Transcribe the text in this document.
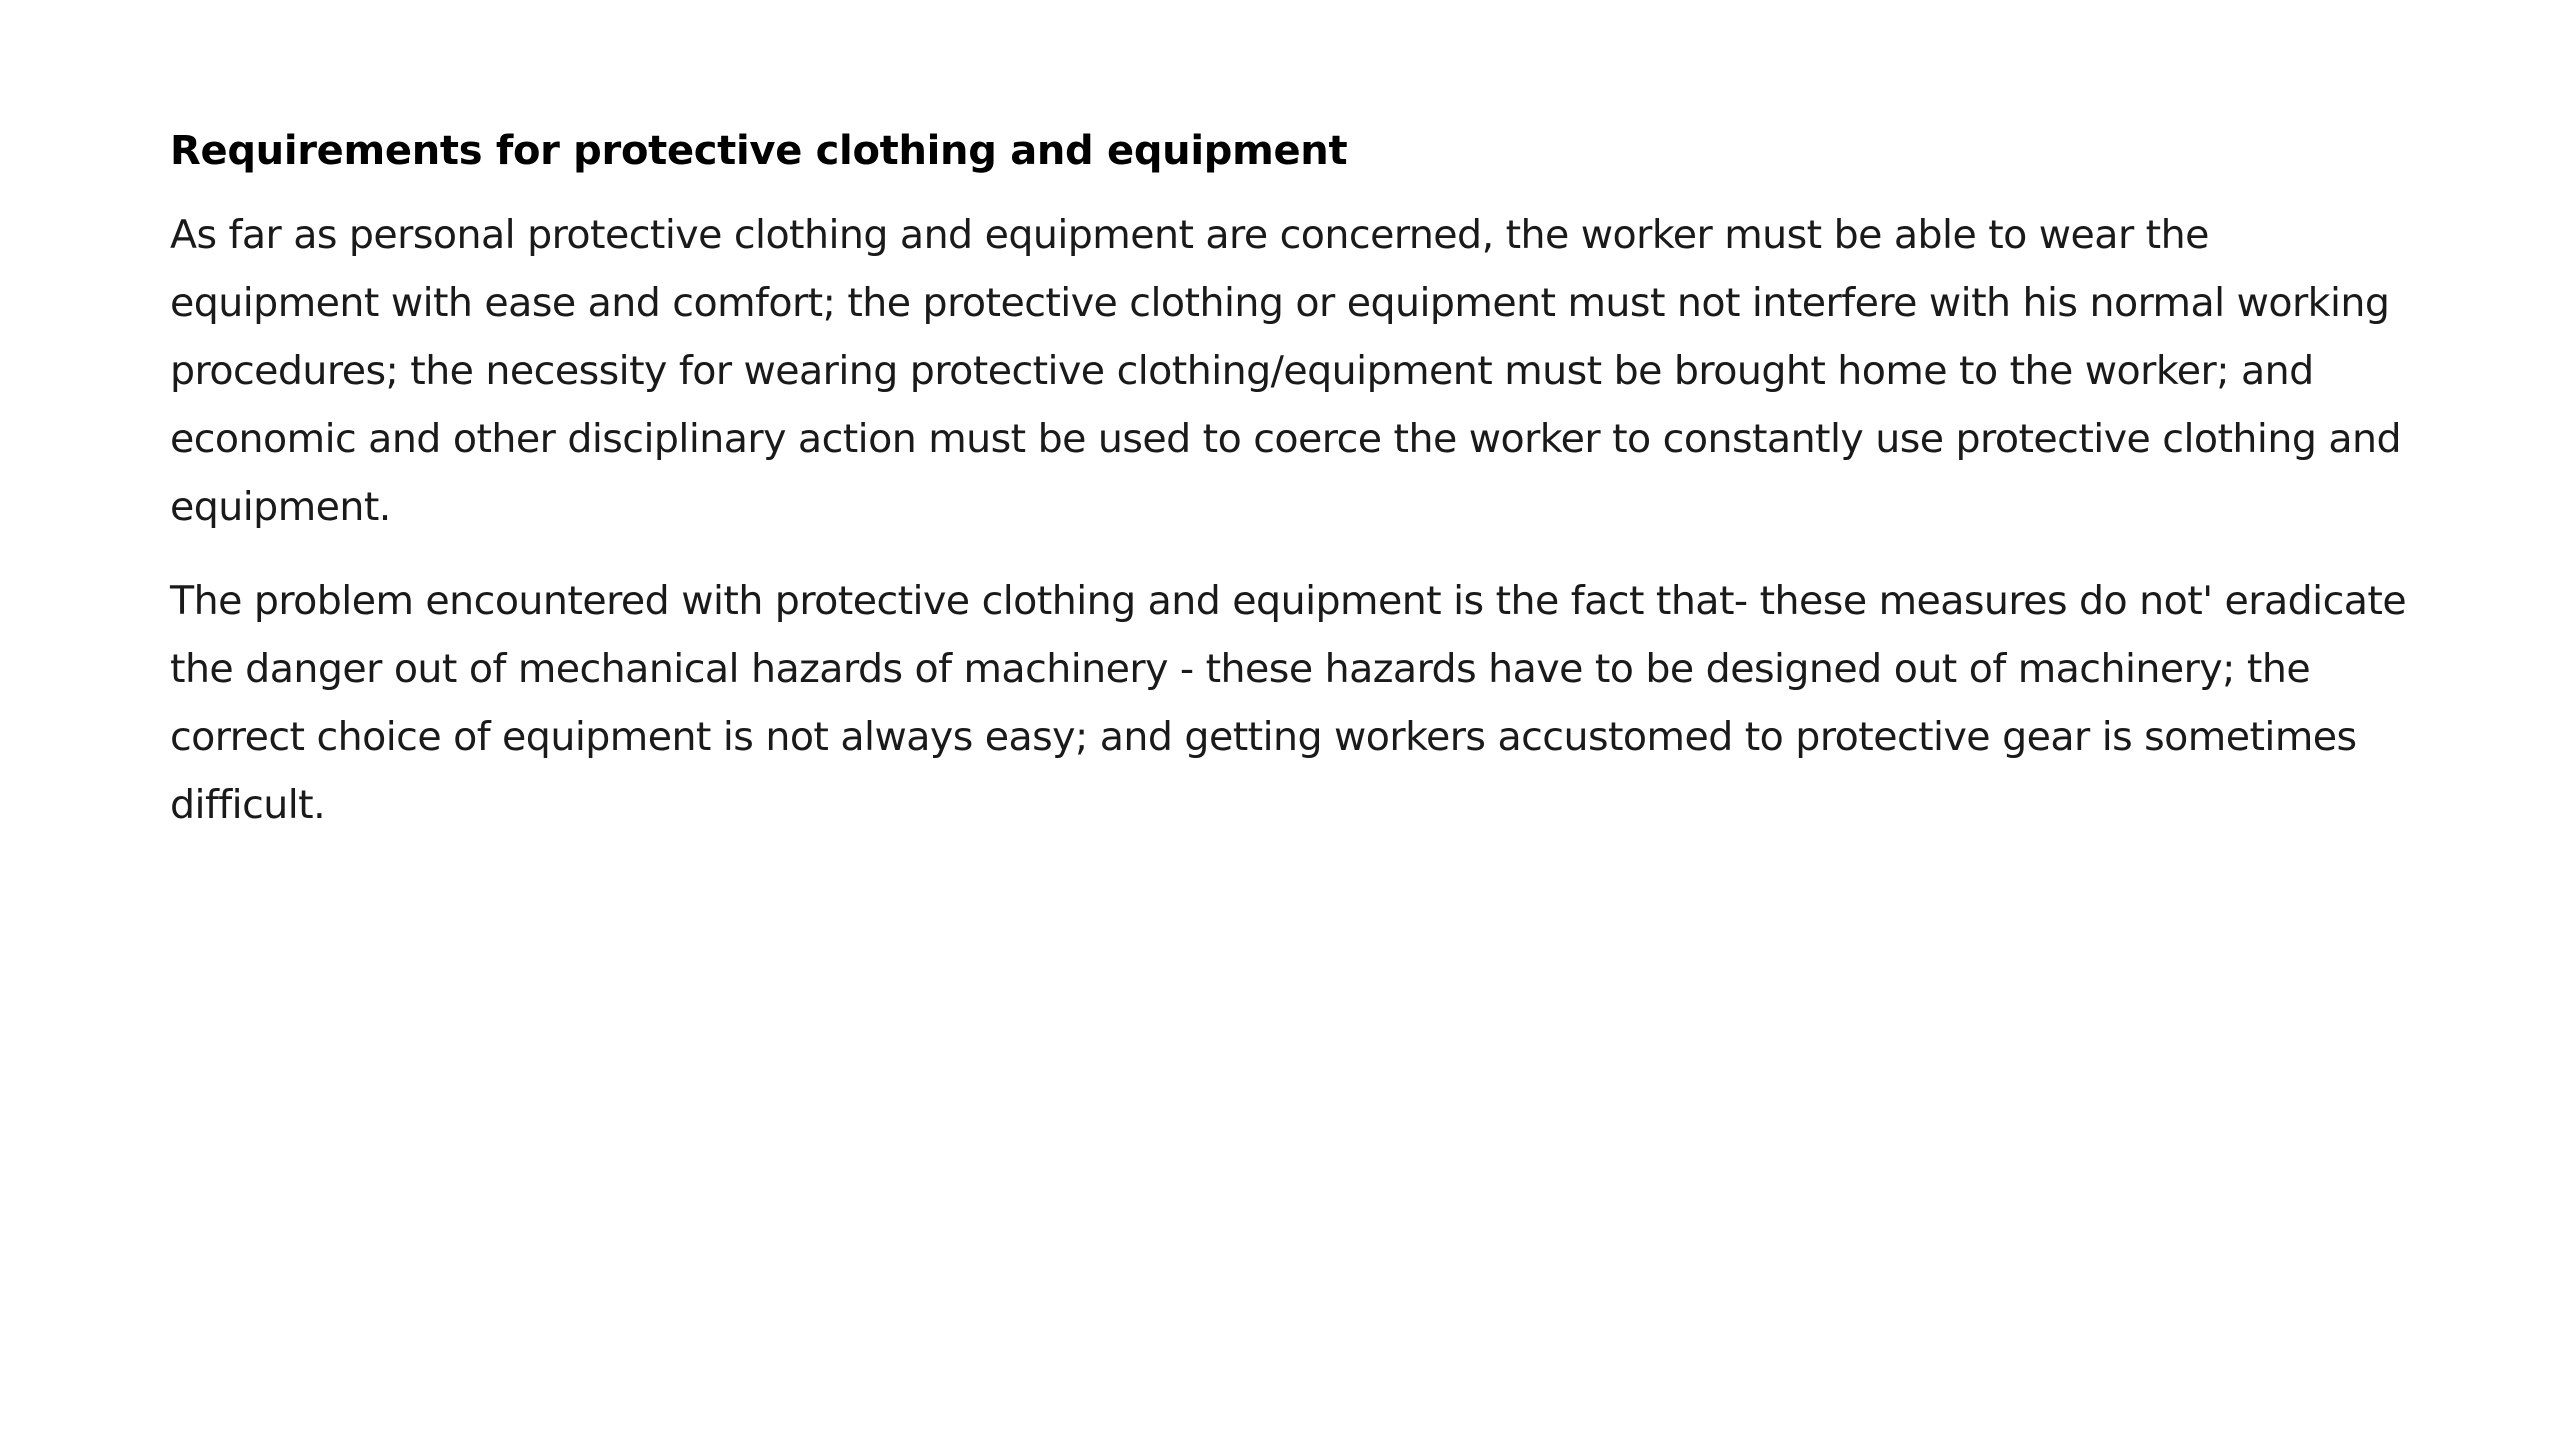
Requirements for protective clothing and equipment

As far as personal protective clothing and equipment are concerned, the worker must be able to wear the equipment with ease and comfort; the protective clothing or equipment must not interfere with his normal working procedures; the necessity for wearing protective clothing/equipment must be brought home to the worker; and economic and other disciplinary action must be used to coerce the worker to constantly use protective clothing and equipment.

The problem encountered with protective clothing and equipment is the fact that- these measures do not' eradicate the danger out of mechanical hazards of machinery - these hazards have to be designed out of machinery; the correct choice of equipment is not always easy; and getting workers accustomed to protective gear is sometimes difficult.
